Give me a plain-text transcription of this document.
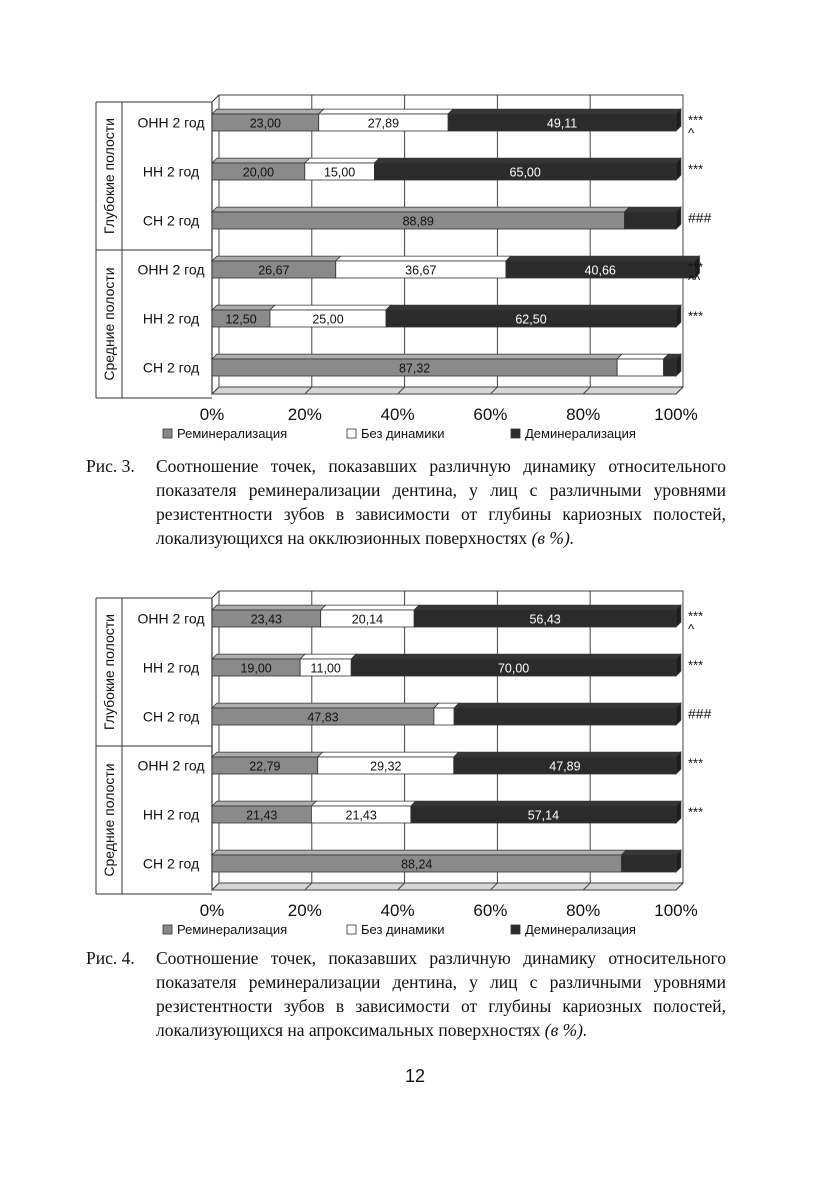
0%	20%	40%	60%	80%	100%
Глубокие полости
Средние полости
ОНН 2 год	23,00	27,89	49,11	***
^
НН 2 год	20,00	15,00	65,00	***
СН 2 год	88,89	###
ОНН 2 год	26,67	36,67	40,66	***
^^
НН 2 год 12,50	25,00	62,50	***
СН 2 год	87,32
Реминерализация	Без динамики	Деминерализация
Рис. 3.	Соотношение точек, показавших различную динамику относительного показателя реминерализации дентина, у лиц с различными уровнями резистентности зубов в зависимости от глубины кариозных полостей, локализующихся на окклюзионных поверхностях (в %).
0%	20%	40%	60%	80%	100%
Глубокие полости
Средние полости
ОНН 2 год	23,43	20,14	56,43	***
^
НН 2 год	19,00	11,00	70,00	***
СН 2 год	47,83	###
ОНН 2 год	22,79	29,32	47,89	***
НН 2 год	21,43	21,43	57,14	***
СН 2 год	88,24
Реминерализация	Без динамики	Деминерализация
Рис. 4.	Соотношение точек, показавших различную динамику относительного показателя реминерализации дентина, у лиц с различными уровнями резистентности зубов в зависимости от глубины кариозных полостей, локализующихся на апроксимальных поверхностях (в %).
12
